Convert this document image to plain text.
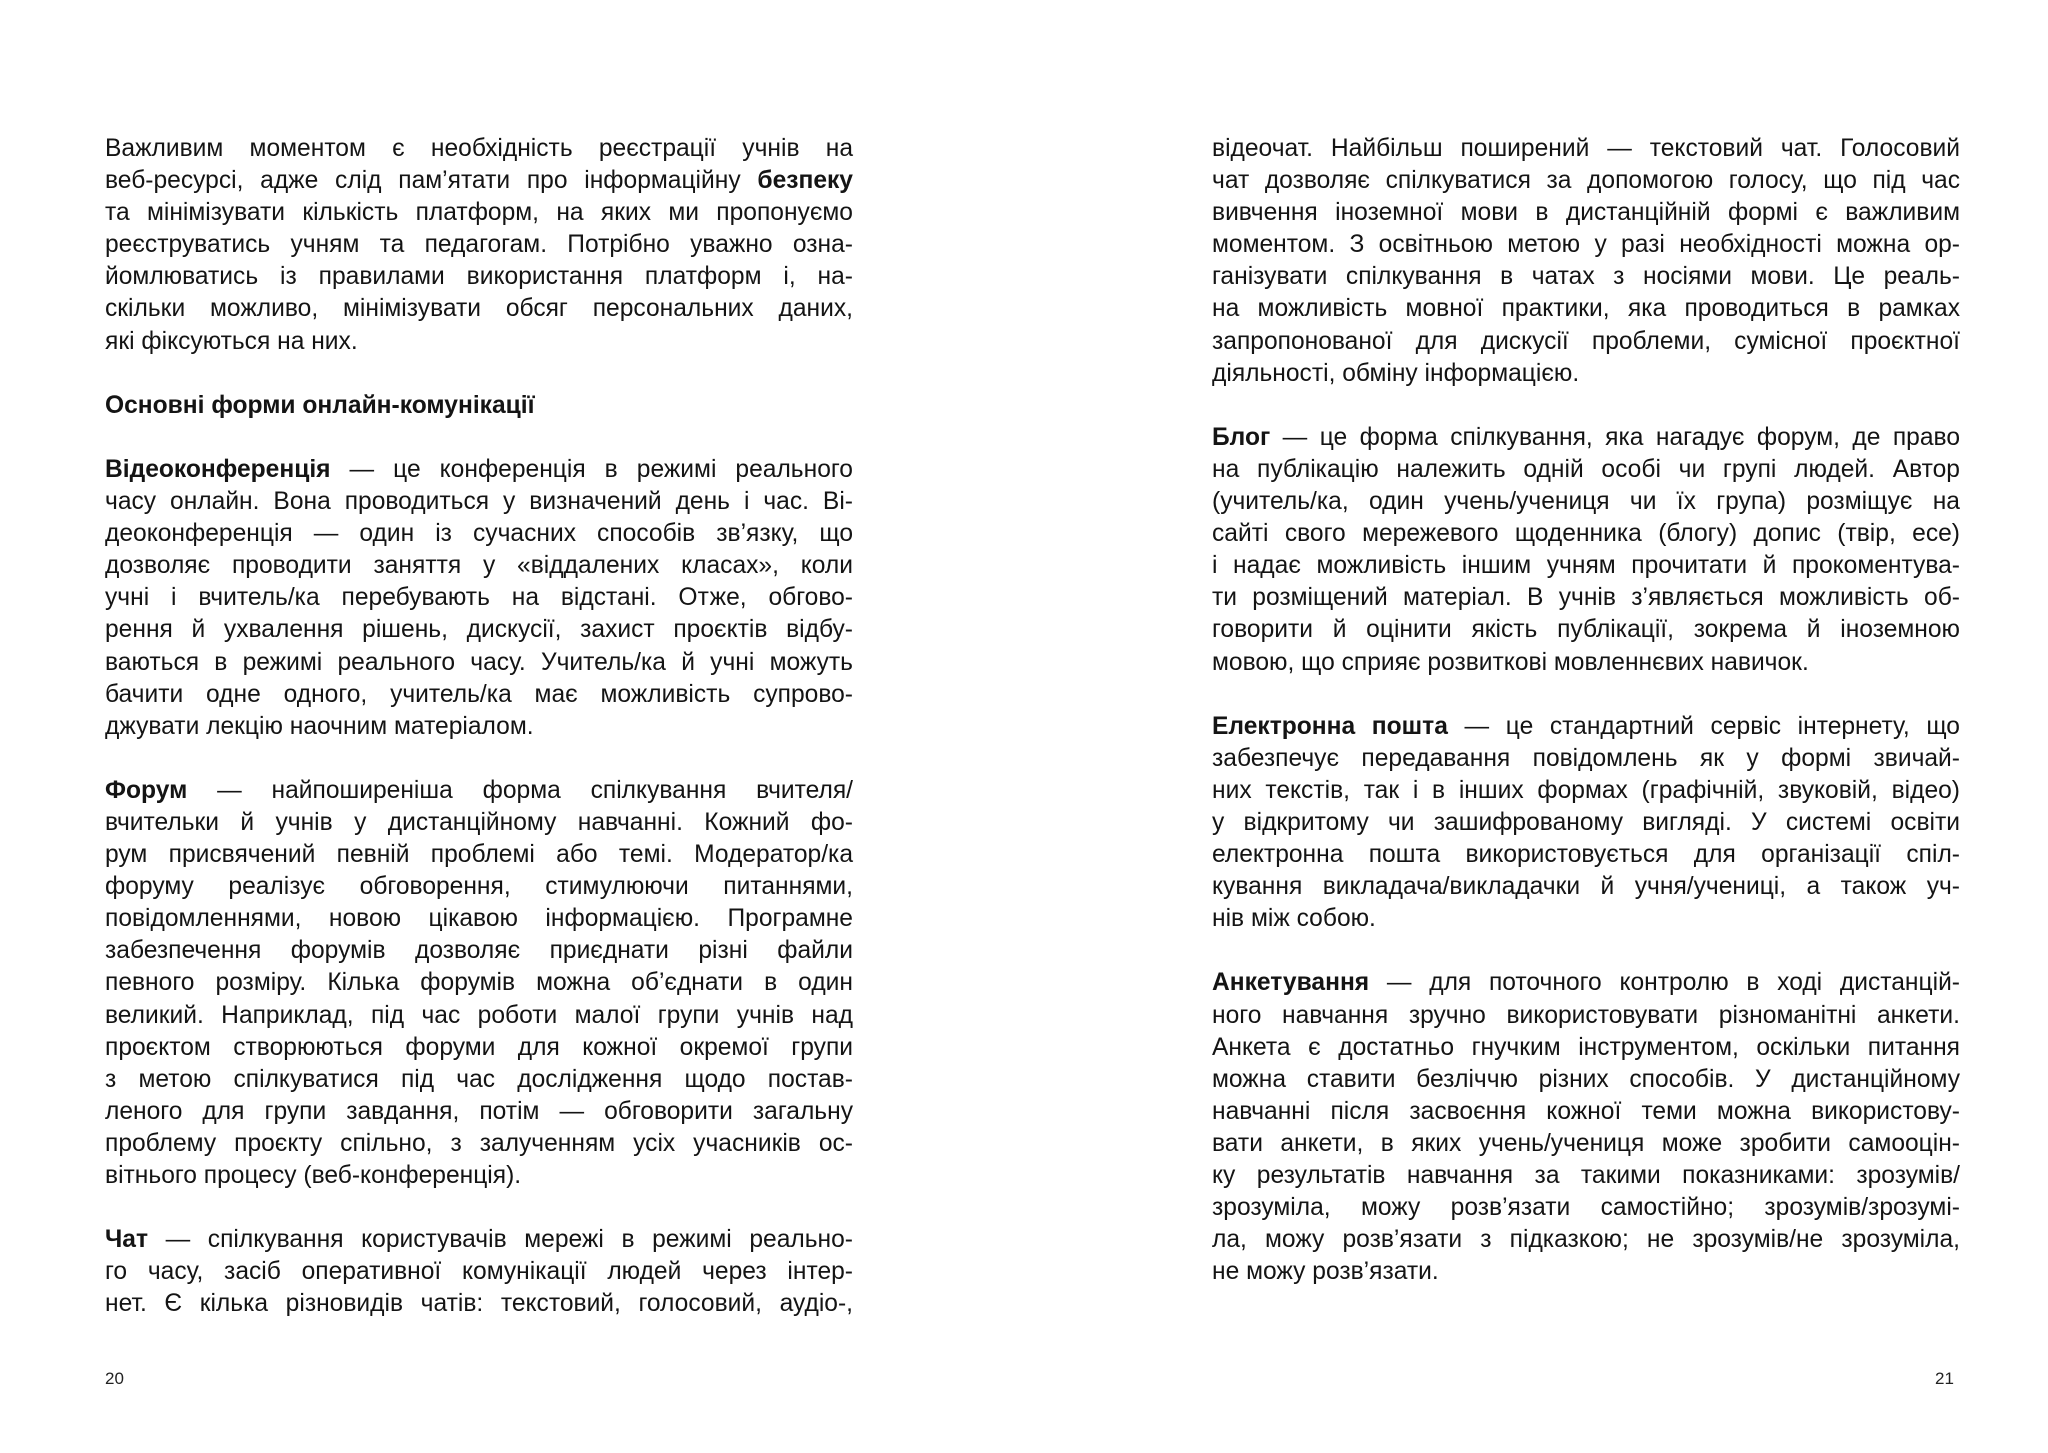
Важливим моментом є необхідність реєстрації учнів на
веб-ресурсі, адже слід пам’ятати про інформаційну безпеку
та мінімізувати кількість платформ, на яких ми пропонуємо
реєструватись учням та педагогам. Потрібно уважно озна-
йомлюватись із правилами використання платформ і, на-
скільки можливо, мінімізувати обсяг персональних даних,
які фіксуються на них.
Основні форми онлайн-комунікації
Відеоконференція — це конференція в режимі реального
часу онлайн. Вона проводиться у визначений день і час. Ві-
деоконференція — один із сучасних способів зв’язку, що
дозволяє проводити заняття у «віддалених класах», коли
учні і вчитель/ка перебувають на відстані. Отже, обгово-
рення й ухвалення рішень, дискусії, захист проєктів відбу-
ваються в режимі реального часу. Учитель/ка й учні можуть
бачити одне одного, учитель/ка має можливість супрово-
джувати лекцію наочним матеріалом.
Форум — найпоширеніша форма спілкування вчителя/
вчительки й учнів у дистанційному навчанні. Кожний фо-
рум присвячений певній проблемі або темі. Модератор/ка
форуму реалізує обговорення, стимулюючи питаннями,
повідомленнями, новою цікавою інформацією. Програмне
забезпечення форумів дозволяє приєднати різні файли
певного розміру. Кілька форумів можна об’єднати в один
великий. Наприклад, під час роботи малої групи учнів над
проєктом створюються форуми для кожної окремої групи
з метою спілкуватися під час дослідження щодо постав-
леного для групи завдання, потім — обговорити загальну
проблему проєкту спільно, з залученням усіх учасників ос-
вітнього процесу (веб-конференція).
Чат — спілкування користувачів мережі в режимі реально-
го часу, засіб оперативної комунікації людей через інтер-
нет. Є кілька різновидів чатів: текстовий, голосовий, аудіо-,
відеочат. Найбільш поширений — текстовий чат. Голосовий
чат дозволяє спілкуватися за допомогою голосу, що під час
вивчення іноземної мови в дистанційній формі є важливим
моментом. З освітньою метою у разі необхідності можна ор-
ганізувати спілкування в чатах з носіями мови. Це реаль-
на можливість мовної практики, яка проводиться в рамках
запропонованої для дискусії проблеми, сумісної проєктної
діяльності, обміну інформацією.
Блог — це форма спілкування, яка нагадує форум, де право
на публікацію належить одній особі чи групі людей. Автор
(учитель/ка, один учень/учениця чи їх група) розміщує на
сайті свого мережевого щоденника (блогу) допис (твір, есе)
і надає можливість іншим учням прочитати й прокоментува-
ти розміщений матеріал. В учнів з’являється можливість об-
говорити й оцінити якість публікації, зокрема й іноземною
мовою, що сприяє розвиткові мовленнєвих навичок.
Електронна пошта — це стандартний сервіс інтернету, що
забезпечує передавання повідомлень як у формі звичай-
них текстів, так і в інших формах (графічній, звуковій, відео)
у відкритому чи зашифрованому вигляді. У системі освіти
електронна пошта використовується для організації спіл-
кування викладача/викладачки й учня/учениці, а також уч-
нів між собою.
Анкетування — для поточного контролю в ході дистанцій-
ного навчання зручно використовувати різноманітні анкети.
Анкета є достатньо гнучким інструментом, оскільки питання
можна ставити безліччю різних способів. У дистанційному
навчанні після засвоєння кожної теми можна використову-
вати анкети, в яких учень/учениця може зробити самооцін-
ку результатів навчання за такими показниками: зрозумів/
зрозуміла, можу розв’язати самостійно; зрозумів/зрозумі-
ла, можу розв’язати з підказкою; не зрозумів/не зрозуміла,
не можу розв’язати.
20	21
